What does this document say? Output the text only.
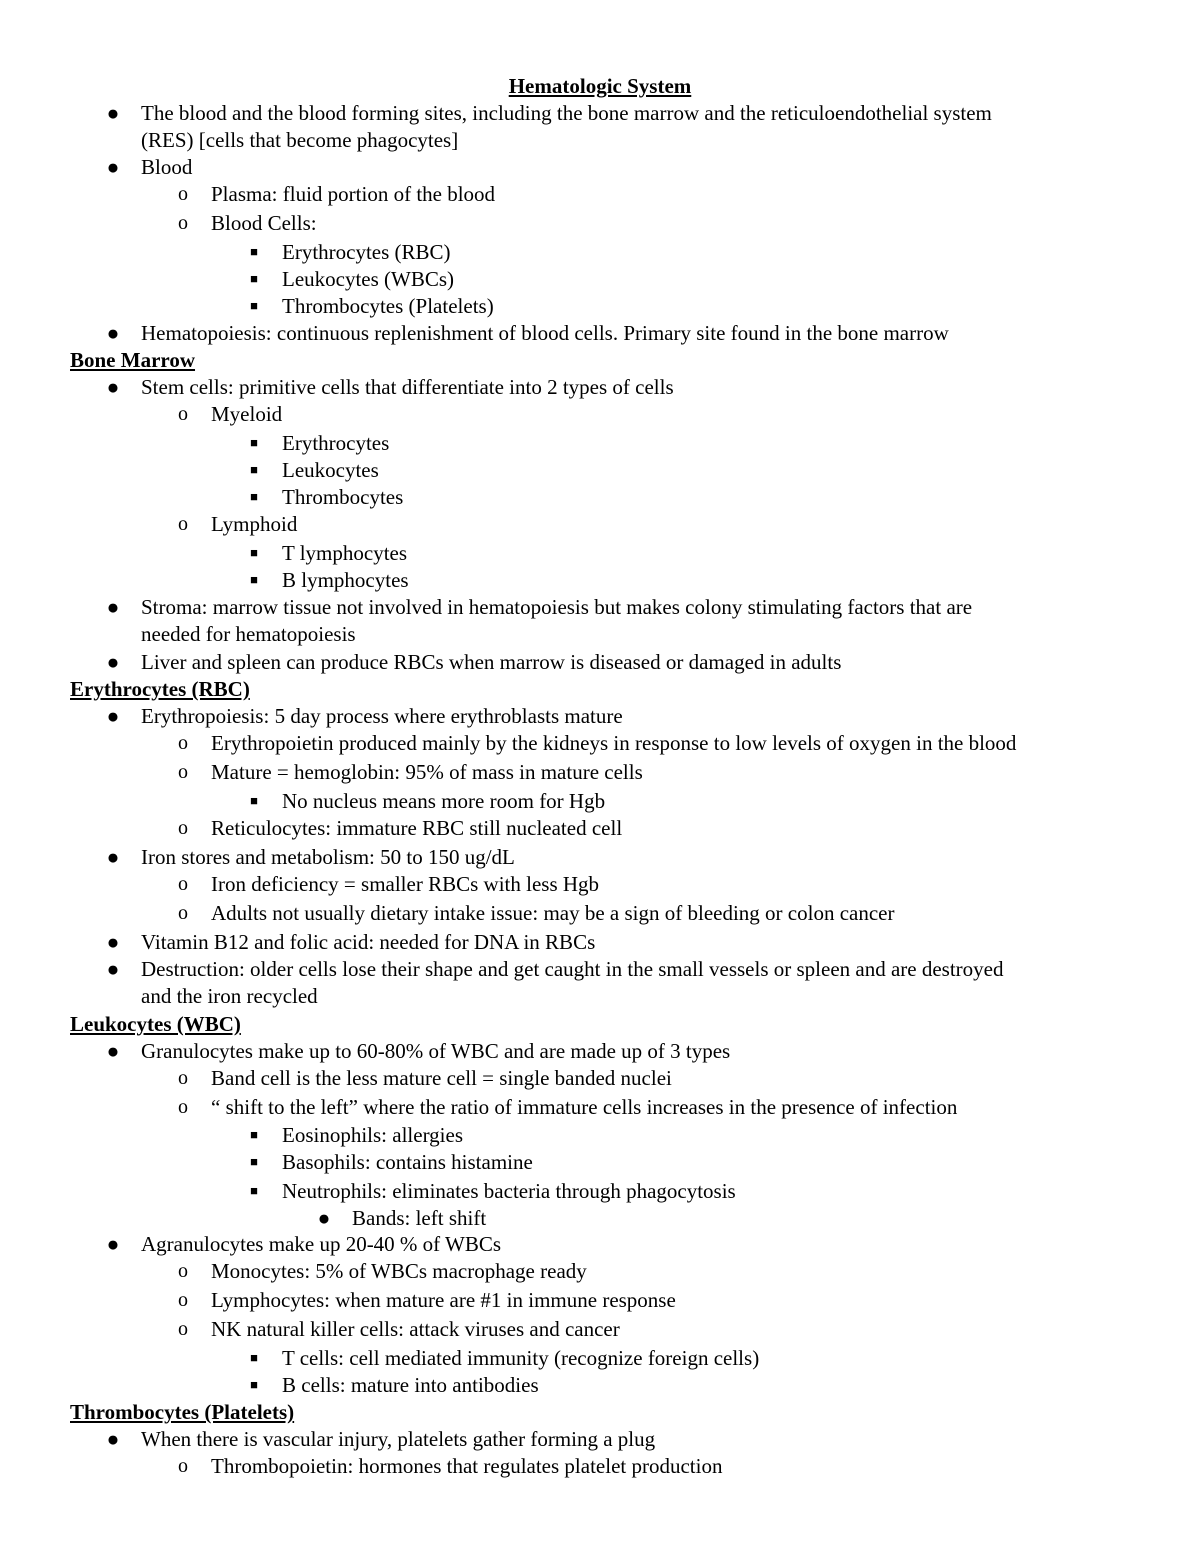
Hematologic System
● The blood and the blood forming sites, including the bone marrow and the reticuloendothelial system
(RES) [cells that become phagocytes]
● Blood
o Plasma: fluid portion of the blood
o Blood Cells:
■ Erythrocytes (RBC)
■ Leukocytes (WBCs)
■ Thrombocytes (Platelets)
● Hematopoiesis: continuous replenishment of blood cells. Primary site found in the bone marrow
Bone Marrow
● Stem cells: primitive cells that differentiate into 2 types of cells
o Myeloid
■ Erythrocytes
■ Leukocytes
■ Thrombocytes
o Lymphoid
■ T lymphocytes
■ B lymphocytes
● Stroma: marrow tissue not involved in hematopoiesis but makes colony stimulating factors that are
needed for hematopoiesis
● Liver and spleen can produce RBCs when marrow is diseased or damaged in adults
Erythrocytes (RBC)
● Erythropoiesis: 5 day process where erythroblasts mature
o Erythropoietin produced mainly by the kidneys in response to low levels of oxygen in the blood
o Mature = hemoglobin: 95% of mass in mature cells
■ No nucleus means more room for Hgb
o Reticulocytes: immature RBC still nucleated cell
● Iron stores and metabolism: 50 to 150 ug/dL
o Iron deficiency = smaller RBCs with less Hgb
o Adults not usually dietary intake issue: may be a sign of bleeding or colon cancer
● Vitamin B12 and folic acid: needed for DNA in RBCs
● Destruction: older cells lose their shape and get caught in the small vessels or spleen and are destroyed
and the iron recycled
Leukocytes (WBC)
● Granulocytes make up to 60-80% of WBC and are made up of 3 types
o Band cell is the less mature cell = single banded nuclei
o “ shift to the left” where the ratio of immature cells increases in the presence of infection
■ Eosinophils: allergies
■ Basophils: contains histamine
■ Neutrophils: eliminates bacteria through phagocytosis
● Bands: left shift
● Agranulocytes make up 20-40 % of WBCs
o Monocytes: 5% of WBCs macrophage ready
o Lymphocytes: when mature are #1 in immune response
o NK natural killer cells: attack viruses and cancer
■ T cells: cell mediated immunity (recognize foreign cells)
■ B cells: mature into antibodies
Thrombocytes (Platelets)
● When there is vascular injury, platelets gather forming a plug
o Thrombopoietin: hormones that regulates platelet production
